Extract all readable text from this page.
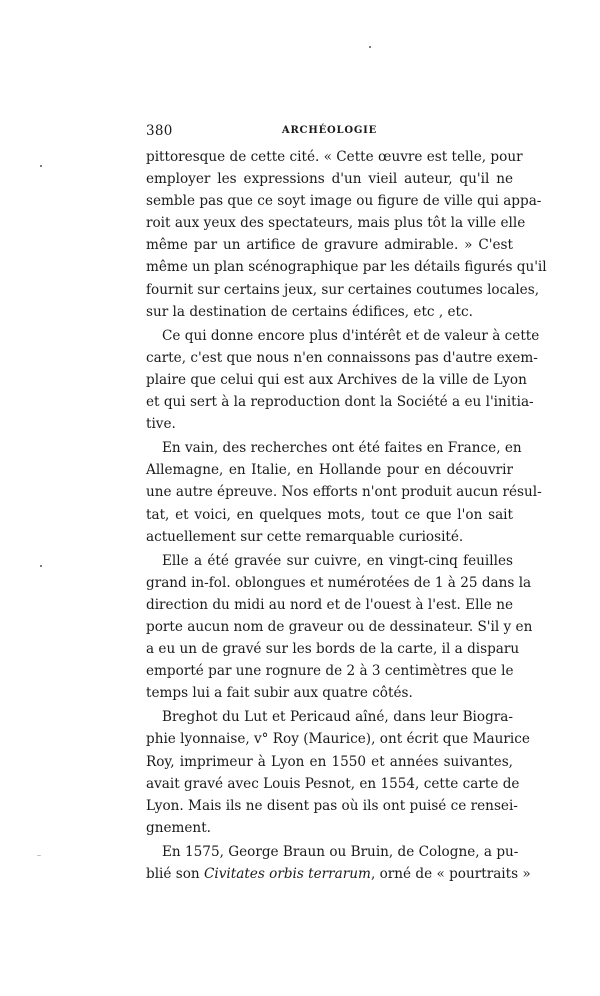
380	ARCHÉOLOGIE
pittoresque de cette cité. « Cette œuvre est telle, pour
employer les expressions d'un vieil auteur, qu'il ne
semble pas que ce soyt image ou figure de ville qui appa-
roit aux yeux des spectateurs, mais plus tôt la ville elle
même par un artifice de gravure admirable. » C'est
même un plan scénographique par les détails figurés qu'il
fournit sur certains jeux, sur certaines coutumes locales,
sur la destination de certains édifices, etc , etc.
Ce qui donne encore plus d'intérêt et de valeur à cette
carte, c'est que nous n'en connaissons pas d'autre exem-
plaire que celui qui est aux Archives de la ville de Lyon
et qui sert à la reproduction dont la Société a eu l'initia-
tive.
En vain, des recherches ont été faites en France, en
Allemagne, en Italie, en Hollande pour en découvrir
une autre épreuve. Nos efforts n'ont produit aucun résul-
tat, et voici, en quelques mots, tout ce que l'on sait
actuellement sur cette remarquable curiosité.
Elle a été gravée sur cuivre, en vingt-cinq feuilles
grand in-fol. oblongues et numérotées de 1 à 25 dans la
direction du midi au nord et de l'ouest à l'est. Elle ne
porte aucun nom de graveur ou de dessinateur. S'il y en
a eu un de gravé sur les bords de la carte, il a disparu
emporté par une rognure de 2 à 3 centimètres que le
temps lui a fait subir aux quatre côtés.
Breghot du Lut et Pericaud aîné, dans leur Biogra-
phie lyonnaise, v° Roy (Maurice), ont écrit que Maurice
Roy, imprimeur à Lyon en 1550 et années suivantes,
avait gravé avec Louis Pesnot, en 1554, cette carte de
Lyon. Mais ils ne disent pas où ils ont puisé ce rensei-
gnement.
En 1575, George Braun ou Bruin, de Cologne, a pu-
blié son Civitates orbis terrarum, orné de « pourtraits »
